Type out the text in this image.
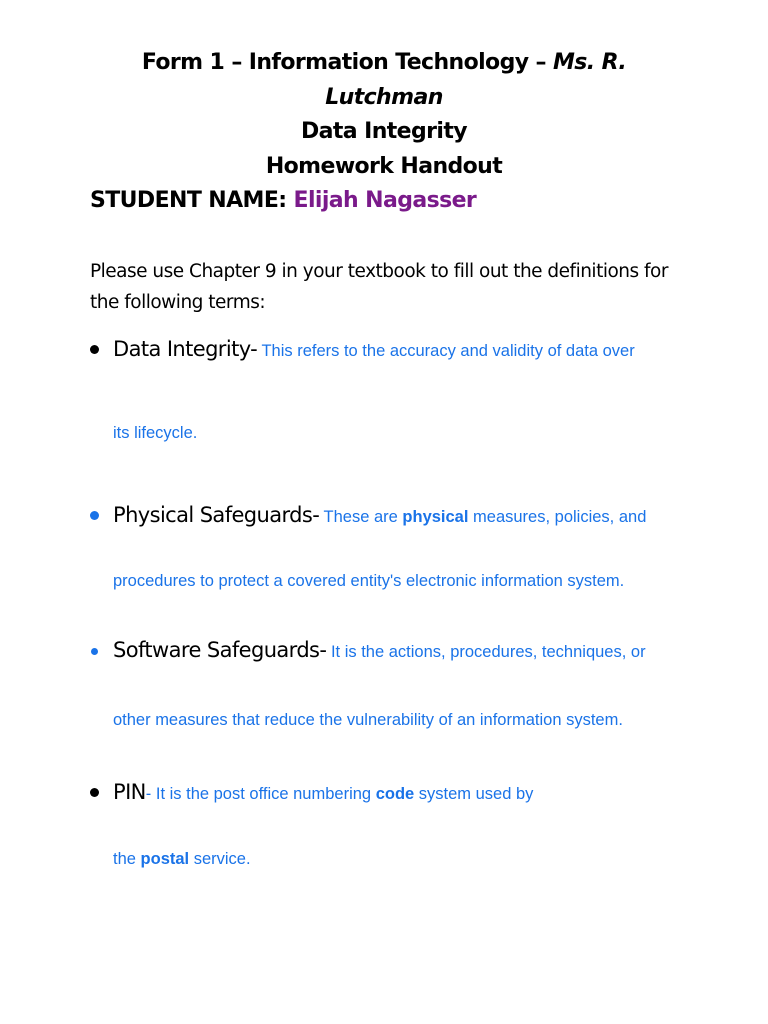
Form 1 – Information Technology – Ms. R.
Lutchman
Data Integrity
Homework Handout
STUDENT NAME: Elijah Nagasser
Please use Chapter 9 in your textbook to fill out the definitions for the following terms:
Data Integrity- This refers to the accuracy and validity of data over
its lifecycle.
Physical Safeguards- These are physical measures, policies, and
procedures to protect a covered entity's electronic information system.
Software Safeguards- It is the actions, procedures, techniques, or
other measures that reduce the vulnerability of an information system.
PIN- It is the post office numbering code system used by
the postal service.
